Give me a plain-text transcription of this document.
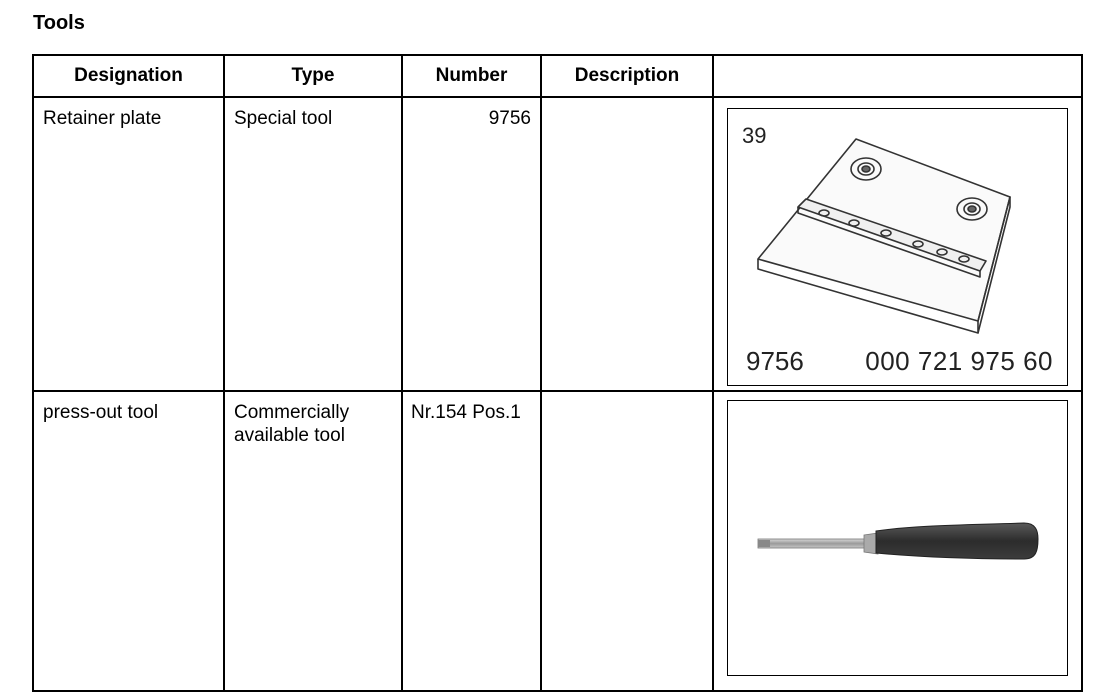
Tools
Designation	Type	Number	Description	

Retainer plate	Special tool	9756		39
9756 000 721 975 60

press-out tool	Commercially available tool	Nr.154 Pos.1
